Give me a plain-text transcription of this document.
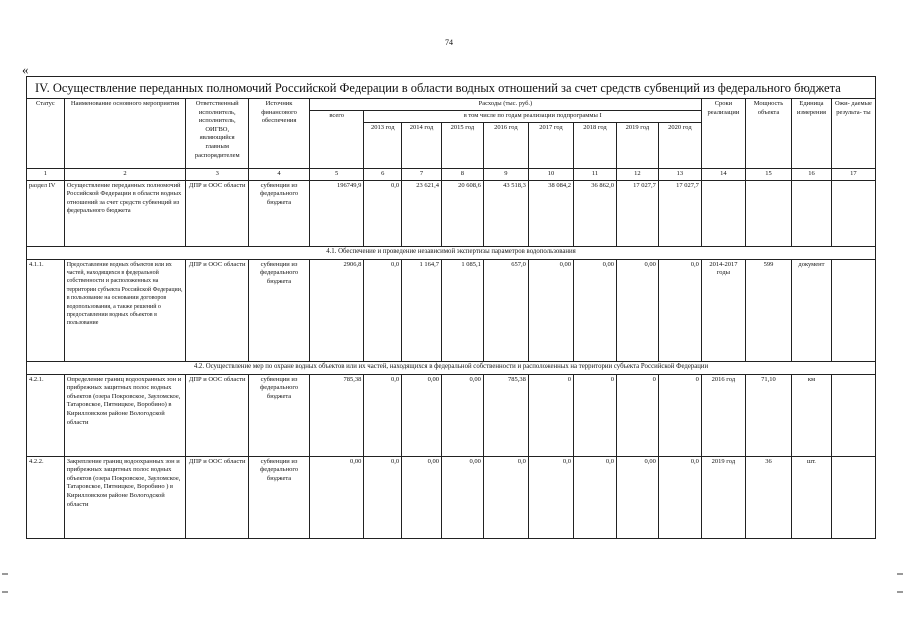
74
«
IV. Осуществление переданных полномочий Российской Федерации в области водных отношений за счет средств субвенций из федерального бюджета
Статус	Наименование основного мероприятия	Ответственный исполнитель, исполнитель, ОИГВО, являющийся главным распорядителем	Источник финансового обеспечения	Расходы (тыс. руб.)									Сроки реализации	Мощность объекта	Единица измерения	Ожи- даемые результа- ты
				всего	в том числе по годам реализации подпрограммы I											
					2013 год	2014 год	2015 год	2016 год	2017 год	2018 год	2019 год	2020 год				
1	2	3	4	5	6	7	8	9	10	11	12	13	14	15	16	17
раздел IV	Осуществление переданных полномочий Российской Федерации в области водных отношений за счет средств субвенций из федерального бюджета	ДПР и ООС области	субвенции из федерального бюджета	196749,9	0,0	23 621,4	20 608,6	43 518,3	38 084,2	36 862,0	17 027,7	17 027,7				
4.1. Обеспечение и проведение независимой экспертизы параметров водопользования																
4.1.1.	Предоставление водных объектов или их частей, находящихся в федеральной собственности и расположенных на территории субъекта Российской Федерации, в пользование на основании договоров водопользования, а также решений о предоставлении водных объектов в пользование	ДПР и ООС области	субвенции из федерального бюджета	2906,8	0,0	1 164,7	1 085,1	657,0	0,00	0,00	0,00	0,0	2014-2017 годы	599	документ	
4.2. Осуществление мер по охране водных объектов или их частей, находящихся в федеральной собственности и расположенных на территории субъекта Российской Федерации																
4.2.1.	Определение границ водоохранных зон и прибрежных защитных полос водных объектов (озера Покровское, Зауломское, Татаровское, Пятницкое, Воробино) в Кирилловском районе Вологодской области	ДПР и ООС области	субвенции из федерального бюджета	785,38	0,0	0,00	0,00	785,38	0	0	0	0	2016 год	71,10	км	
4.2.2.	Закрепление границ водоохранных зон и прибрежных защитных полос водных объектов (озера Покровское, Зауломское, Татаровское, Пятницкое, Воробино ) в Кирилловском районе Вологодской области	ДПР и ООС области	субвенции из федерального бюджета	0,00	0,0	0,00	0,00	0,0	0,0	0,0	0,00	0,0	2019 год	36	шт.	
